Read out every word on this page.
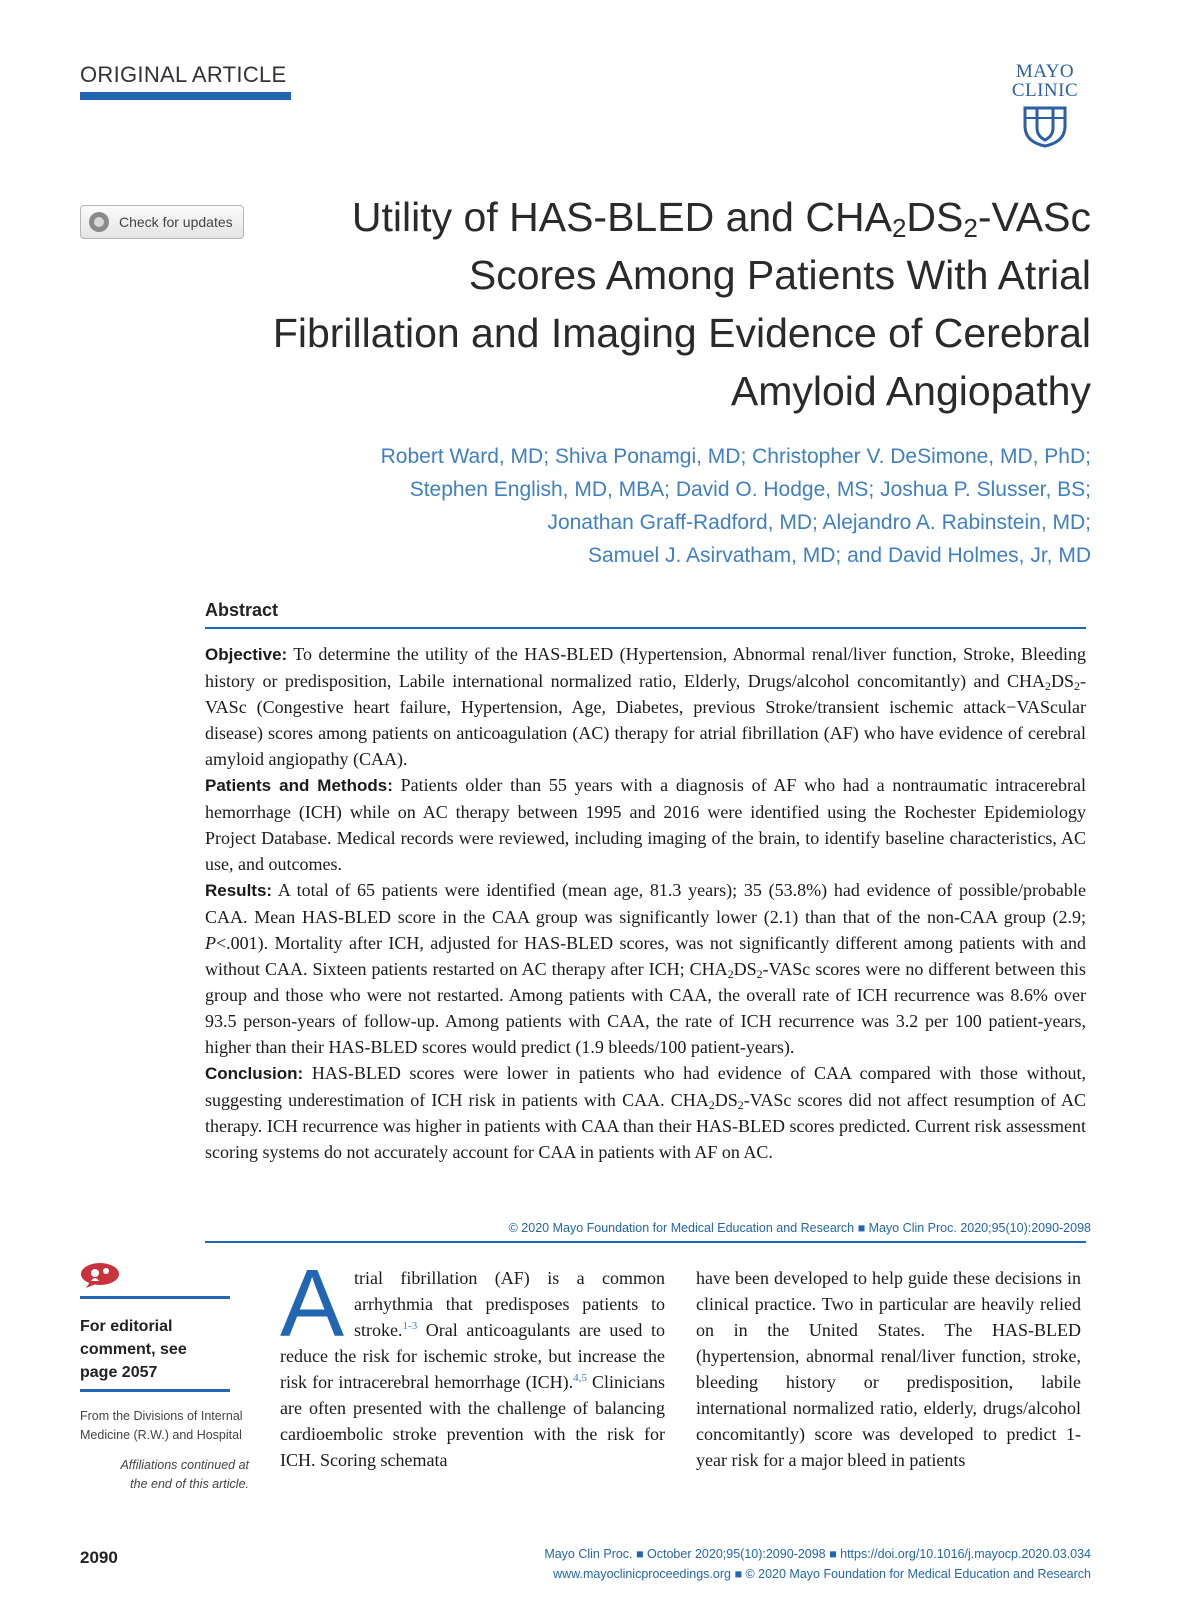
ORIGINAL ARTICLE	MAYO
CLINIC
Check for updates	Utility of HAS-BLED and $CHA_2DS_2$-VASc
Scores Among Patients With Atrial
Fibrillation and Imaging Evidence of Cerebral
Amyloid Angiopathy
Robert Ward, MD; Shiva Ponamgi, MD; Christopher V. DeSimone, MD, PhD;
Stephen English, MD, MBA; David O. Hodge, MS; Joshua P. Slusser, BS;
Jonathan Graff-Radford, MD; Alejandro A. Rabinstein, MD;
Samuel J. Asirvatham, MD; and David Holmes, Jr, MD
Abstract

Objective: To determine the utility of the HAS-BLED (Hypertension, Abnormal renal/liver function, Stroke, Bleeding history or predisposition, Labile international normalized ratio, Elderly, Drugs/alcohol concomitantly) and $CHA_2DS_2$-VASc (Congestive heart failure, Hypertension, Age, Diabetes, previous Stroke/transient ischemic attack−VAScular disease) scores among patients on anticoagulation (AC) therapy for atrial fibrillation (AF) who have evidence of cerebral amyloid angiopathy (CAA).

Patients and Methods: Patients older than 55 years with a diagnosis of AF who had a nontraumatic intracerebral hemorrhage (ICH) while on AC therapy between 1995 and 2016 were identified using the Rochester Epidemiology Project Database. Medical records were reviewed, including imaging of the brain, to identify baseline characteristics, AC use, and outcomes.

Results: A total of 65 patients were identified (mean age, 81.3 years); 35 (53.8%) had evidence of possible/probable CAA. Mean HAS-BLED score in the CAA group was significantly lower (2.1) than that of the non-CAA group (2.9; P<.001). Mortality after ICH, adjusted for HAS-BLED scores, was not significantly different among patients with and without CAA. Sixteen patients restarted on AC therapy after ICH; $CHA_2DS_2$-VASc scores were no different between this group and those who were not restarted. Among patients with CAA, the overall rate of ICH recurrence was 8.6% over 93.5 person-years of follow-up. Among patients with CAA, the rate of ICH recurrence was 3.2 per 100 patient-years, higher than their HAS-BLED scores would predict (1.9 bleeds/100 patient-years).

Conclusion: HAS-BLED scores were lower in patients who had evidence of CAA compared with those without, suggesting underestimation of ICH risk in patients with CAA. $CHA_2DS_2$-VASc scores did not affect resumption of AC therapy. ICH recurrence was higher in patients with CAA than their HAS-BLED scores predicted. Current risk assessment scoring systems do not accurately account for CAA in patients with AF on AC.

© 2020 Mayo Foundation for Medical Education and Research ■ Mayo Clin Proc. 2020;95(10):2090-2098
For editorial
comment, see
page 2057
From the Divisions of Internal
Medicine (R.W.) and Hospital
Affiliations continued at
the end of this article.
Atrial fibrillation (AF) is a common arrhythmia that predisposes patients to stroke.$^{1-3}$ Oral anticoagulants are used to reduce the risk for ischemic stroke, but increase the risk for intracerebral hemorrhage (ICH).$^{4,5}$ Clinicians are often presented with the challenge of balancing cardioembolic stroke prevention with the risk for ICH. Scoring schemata
have been developed to help guide these decisions in clinical practice. Two in particular are heavily relied on in the United States. The HAS-BLED (hypertension, abnormal renal/liver function, stroke, bleeding history or predisposition, labile international normalized ratio, elderly, drugs/alcohol concomitantly) score was developed to predict 1-year risk for a major bleed in patients
2090	Mayo Clin Proc. ■ October 2020;95(10):2090-2098 ■ https://doi.org/10.1016/j.mayocp.2020.03.034
www.mayoclinicproceedings.org ■ © 2020 Mayo Foundation for Medical Education and Research
